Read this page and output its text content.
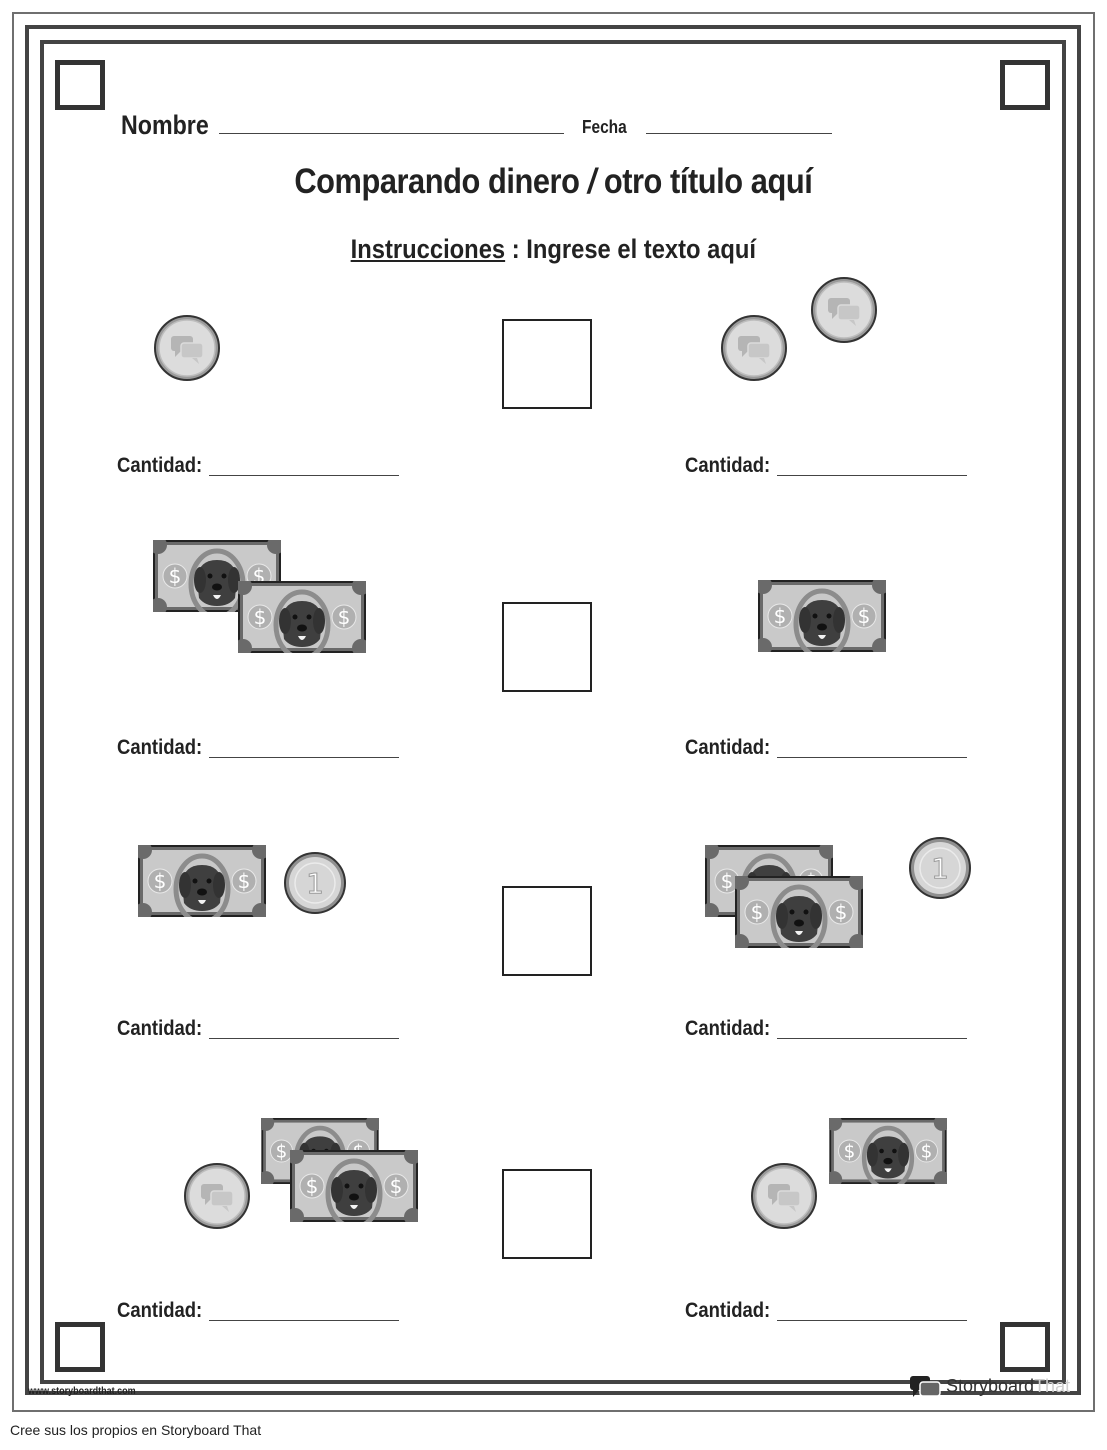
Nombre	Fecha
Comparando dinero / otro título aquí
Instrucciones : Ingrese el texto aquí
Cantidad:	Cantidad:
Cantidad:	Cantidad:
Cantidad:	Cantidad:
Cantidad:	Cantidad:
www.storyboardthat.com	StoryboardThat
Cree sus los propios en Storyboard That
